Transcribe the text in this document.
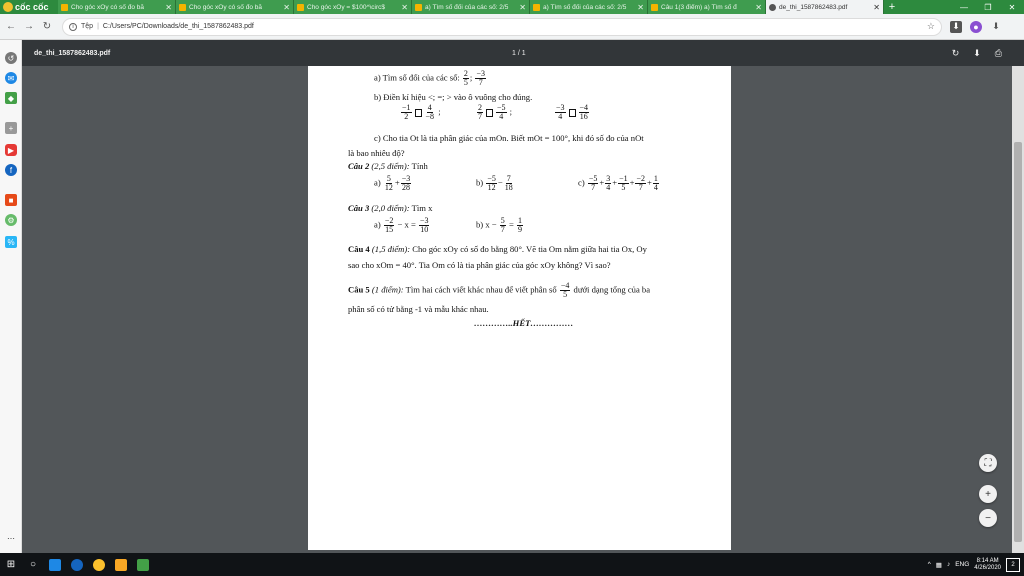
cốc cốc	Cho góc xOy có số đo bằ	✕	Cho góc xOy có số đo bằ	✕	Cho góc xOy = $100^\circ$	✕	a) Tìm số đối của các số: 2/5	✕	a) Tìm số đối của các số: 2/5	✕	Câu 1(3 điểm) a) Tìm số đ	✕	de_thi_1587862483.pdf	✕ +	—	❐	✕
← → ↻	i	Tệp | C:/Users/PC/Downloads/de_thi_1587862483.pdf	☆ ⬇	●	⬇
↺
✉
◆
+
▶
f
■
⚙
%
⋯
de_thi_1587862483.pdf	1 / 1	↻ ⬇ ⎙
a) Tìm số đối của các số: $\frac{2}{5}$ ; $\frac{-3}{7}$
b) Điền kí hiệu <; =; > vào ô vuông cho đúng.
$\frac{-1}{2} \frac{4}{-8}$ ;	$\frac{2}{7} \frac{-5}{4}$ ;	$\frac{-3}{4} \frac{-4}{16}$
c) Cho tia Ot là tia phân giác của mOn. Biết mOt = 100°, khi đó số đo của nOt
là bao nhiêu độ?
Câu 2 (2,5 điểm): Tính
$a) \frac{5}{12} + \frac{-3}{28}$	$b) \frac{-5}{12} - \frac{7}{18}$	$c) \frac{-5}{7} + \frac{3}{4} + \frac{-1}{5} + \frac{-2}{7} + \frac{1}{4}$
Câu 3 (2,0 điểm): Tìm x
$a) \frac{-2}{15} - x = \frac{-3}{10}$	b) $x - \frac{5}{7} = \frac{1}{9}$
Câu 4 (1,5 điểm): Cho góc xOy có số đo bằng 80°. Vẽ tia Om nằm giữa hai tia Ox, Oy
sao cho xOm = 40°. Tia Om có là tia phân giác của góc xOy không? Vì sao?
Câu 5 (1 điểm): Tìm hai cách viết khác nhau để viết phân số $\frac{-4}{5}$ dưới dạng tổng của ba
phân số có tử bằng -1 và mẫu khác nhau.
…………..HẾT……………
⛶
+
−
⊞	○	^ ▦ ♪ ENG
8:14 AM
4/26/2020	2
